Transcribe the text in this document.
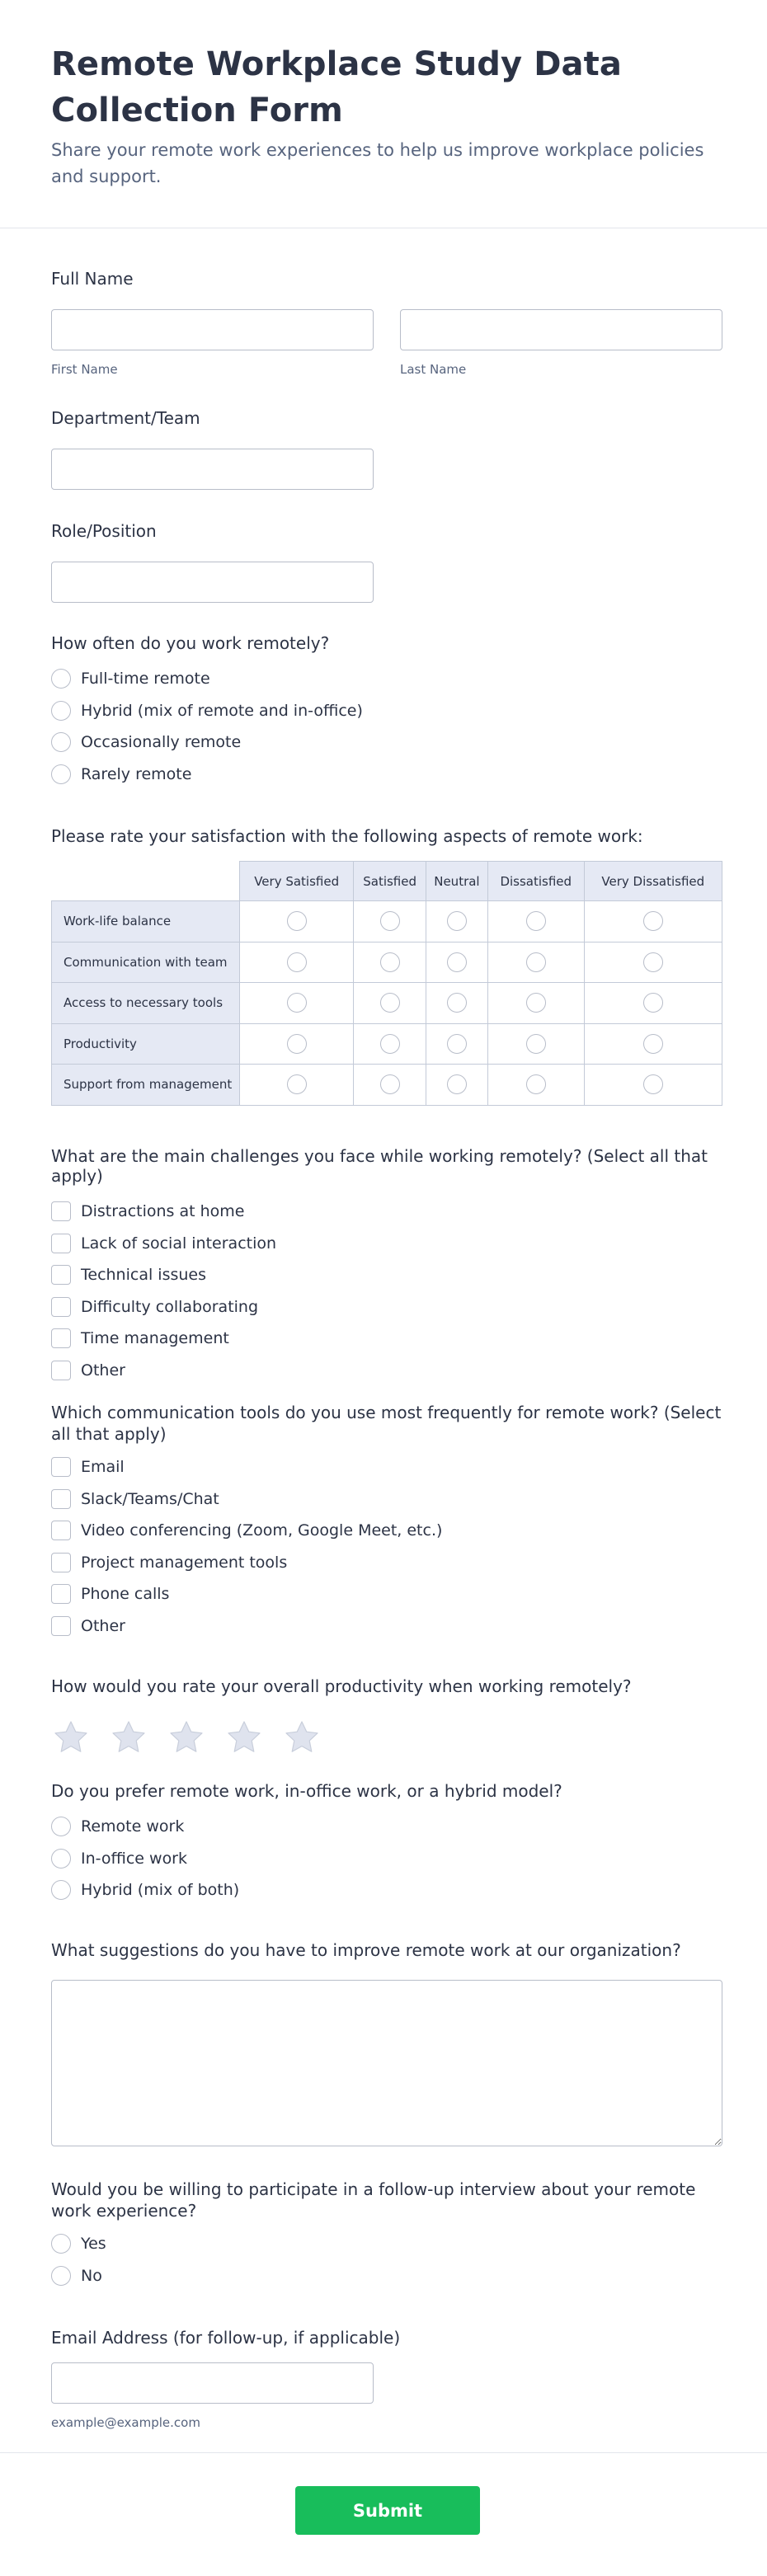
Remote Workplace Study Data Collection Form

Share your remote work experiences to help us improve workplace policies and support.

Full Name
First Name	Last Name
Department/Team
Role/Position
How often do you work remotely?
Full-time remote
Hybrid (mix of remote and in-office)
Occasionally remote
Rarely remote
Please rate your satisfaction with the following aspects of remote work:
	Very Satisfied	Satisfied	Neutral	Dissatisfied	Very Dissatisfied
Work-life balance	

Communication with team	

Access to necessary tools	

Productivity	

Support from management	

What are the main challenges you face while working remotely? (Select all that apply)
Distractions at home
Lack of social interaction
Technical issues
Difficulty collaborating
Time management
Other
Which communication tools do you use most frequently for remote work? (Select all that apply)
Email
Slack/Teams/Chat
Video conferencing (Zoom, Google Meet, etc.)
Project management tools
Phone calls
Other
How would you rate your overall productivity when working remotely?
Do you prefer remote work, in-office work, or a hybrid model?
Remote work
In-office work
Hybrid (mix of both)
What suggestions do you have to improve remote work at our organization?
Would you be willing to participate in a follow-up interview about your remote work experience?
Yes
No
Email Address (for follow-up, if applicable)
example@example.com
Submit
